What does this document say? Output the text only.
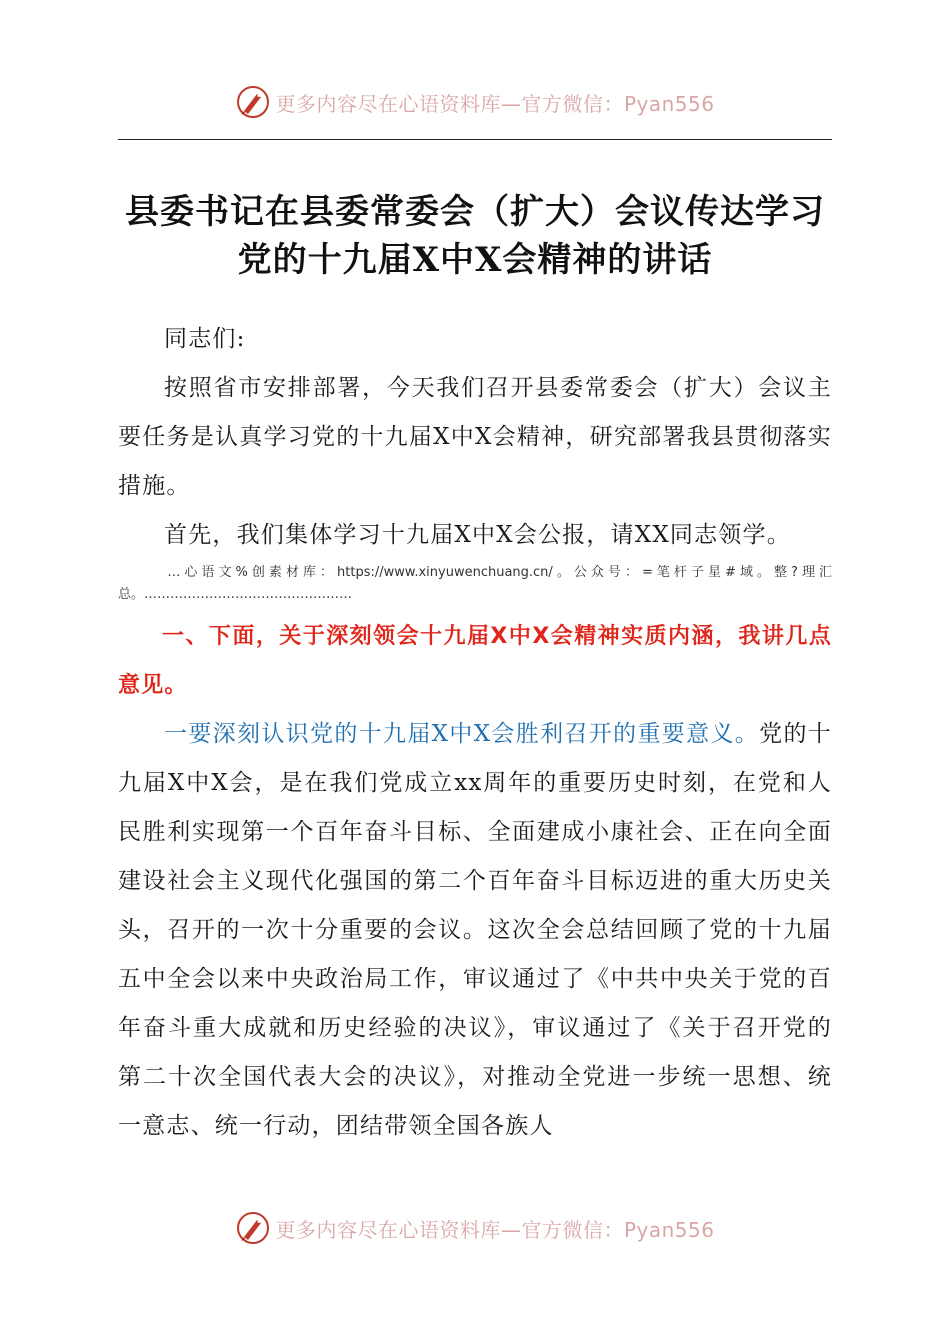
更多内容尽在心语资料库—官方微信：Pyan556
县委书记在县委常委会（扩大）会议传达学习
党的十九届X中X会精神的讲话

同志们:

按照省市安排部署，今天我们召开县委常委会（扩大）会议主要任务是认真学习党的十九届X中X会精神，研究部署我县贯彻落实措施。

首先，我们集体学习十九届X中X会公报，请XX同志领学。

…心语文%创素材库：https://www.xinyuwenchuang.cn/。公众号：=笔杆子星#域。整?理汇总。…………………………………………

一、下面，关于深刻领会十九届X中X会精神实质内涵，我讲几点意见。

一要深刻认识党的十九届X中X会胜利召开的重要意义。党的十九届X中X会，是在我们党成立xx周年的重要历史时刻，在党和人民胜利实现第一个百年奋斗目标、全面建成小康社会、正在向全面建设社会主义现代化强国的第二个百年奋斗目标迈进的重大历史关头，召开的一次十分重要的会议。这次全会总结回顾了党的十九届五中全会以来中央政治局工作，审议通过了《中共中央关于党的百年奋斗重大成就和历史经验的决议》，审议通过了《关于召开党的第二十次全国代表大会的决议》，对推动全党进一步统一思想、统一意志、统一行动，团结带领全国各族人

更多内容尽在心语资料库—官方微信：Pyan556
